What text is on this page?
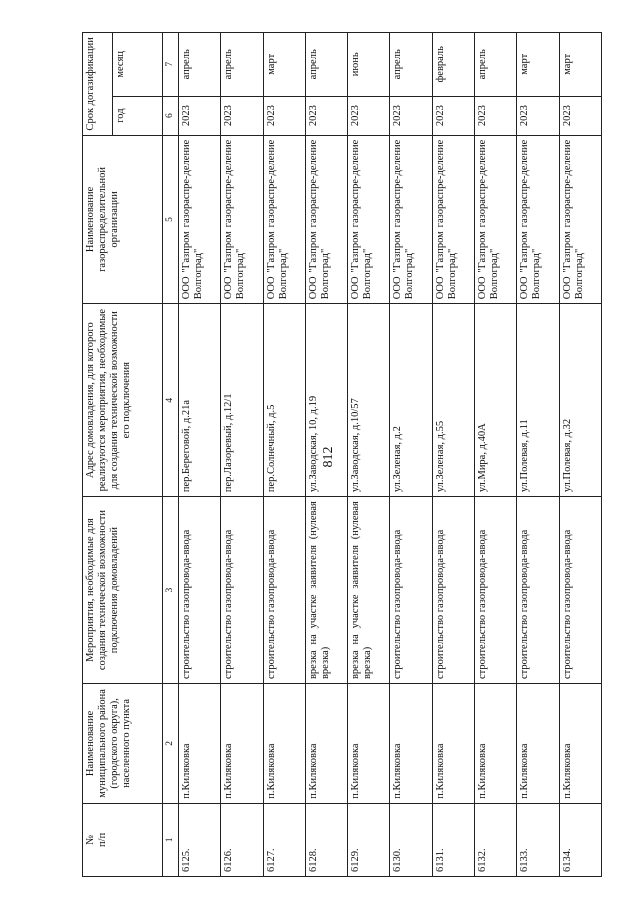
812
№
п/п	Наименование муниципального района (городского округа), населенного пункта	Мероприятия, необходимые для создания технической возможности подключения домовладений	Адрес домовладения, для которого реализуются мероприятия, необходимые для создания технической возможности его подключения	Наименование газораспределительной организации	Срок догазификации	
					год	месяц
1	2	3	4	5	6	7
6125.	п.Киляковка	строительство газопровода-ввода	пер.Береговой, д.21а	ООО "Газпром газораспре-деление Волгоград"	2023	апрель
6126.	п.Киляковка	строительство газопровода-ввода	пер.Лазоревый, д.12/1	ООО "Газпром газораспре-деление Волгоград"	2023	апрель
6127.	п.Киляковка	строительство газопровода-ввода	пер.Солнечный, д.5	ООО "Газпром газораспре-деление Волгоград"	2023	март
6128.	п.Киляковка	врезка на участке заявителя (нулевая врезка)	ул.Заводская, 10, д.19	ООО "Газпром газораспре-деление Волгоград"	2023	апрель
6129.	п.Киляковка	врезка на участке заявителя (нулевая врезка)	ул.Заводская, д.10/57	ООО "Газпром газораспре-деление Волгоград"	2023	июнь
6130.	п.Киляковка	строительство газопровода-ввода	ул.Зеленая, д.2	ООО "Газпром газораспре-деление Волгоград"	2023	апрель
6131.	п.Киляковка	строительство газопровода-ввода	ул.Зеленая, д.55	ООО "Газпром газораспре-деление Волгоград"	2023	февраль
6132.	п.Киляковка	строительство газопровода-ввода	ул.Мира, д.40А	ООО "Газпром газораспре-деление Волгоград"	2023	апрель
6133.	п.Киляковка	строительство газопровода-ввода	ул.Полевая, д.11	ООО "Газпром газораспре-деление Волгоград"	2023	март
6134.	п.Киляковка	строительство газопровода-ввода	ул.Полевая, д.32	ООО "Газпром газораспре-деление Волгоград"	2023	март
